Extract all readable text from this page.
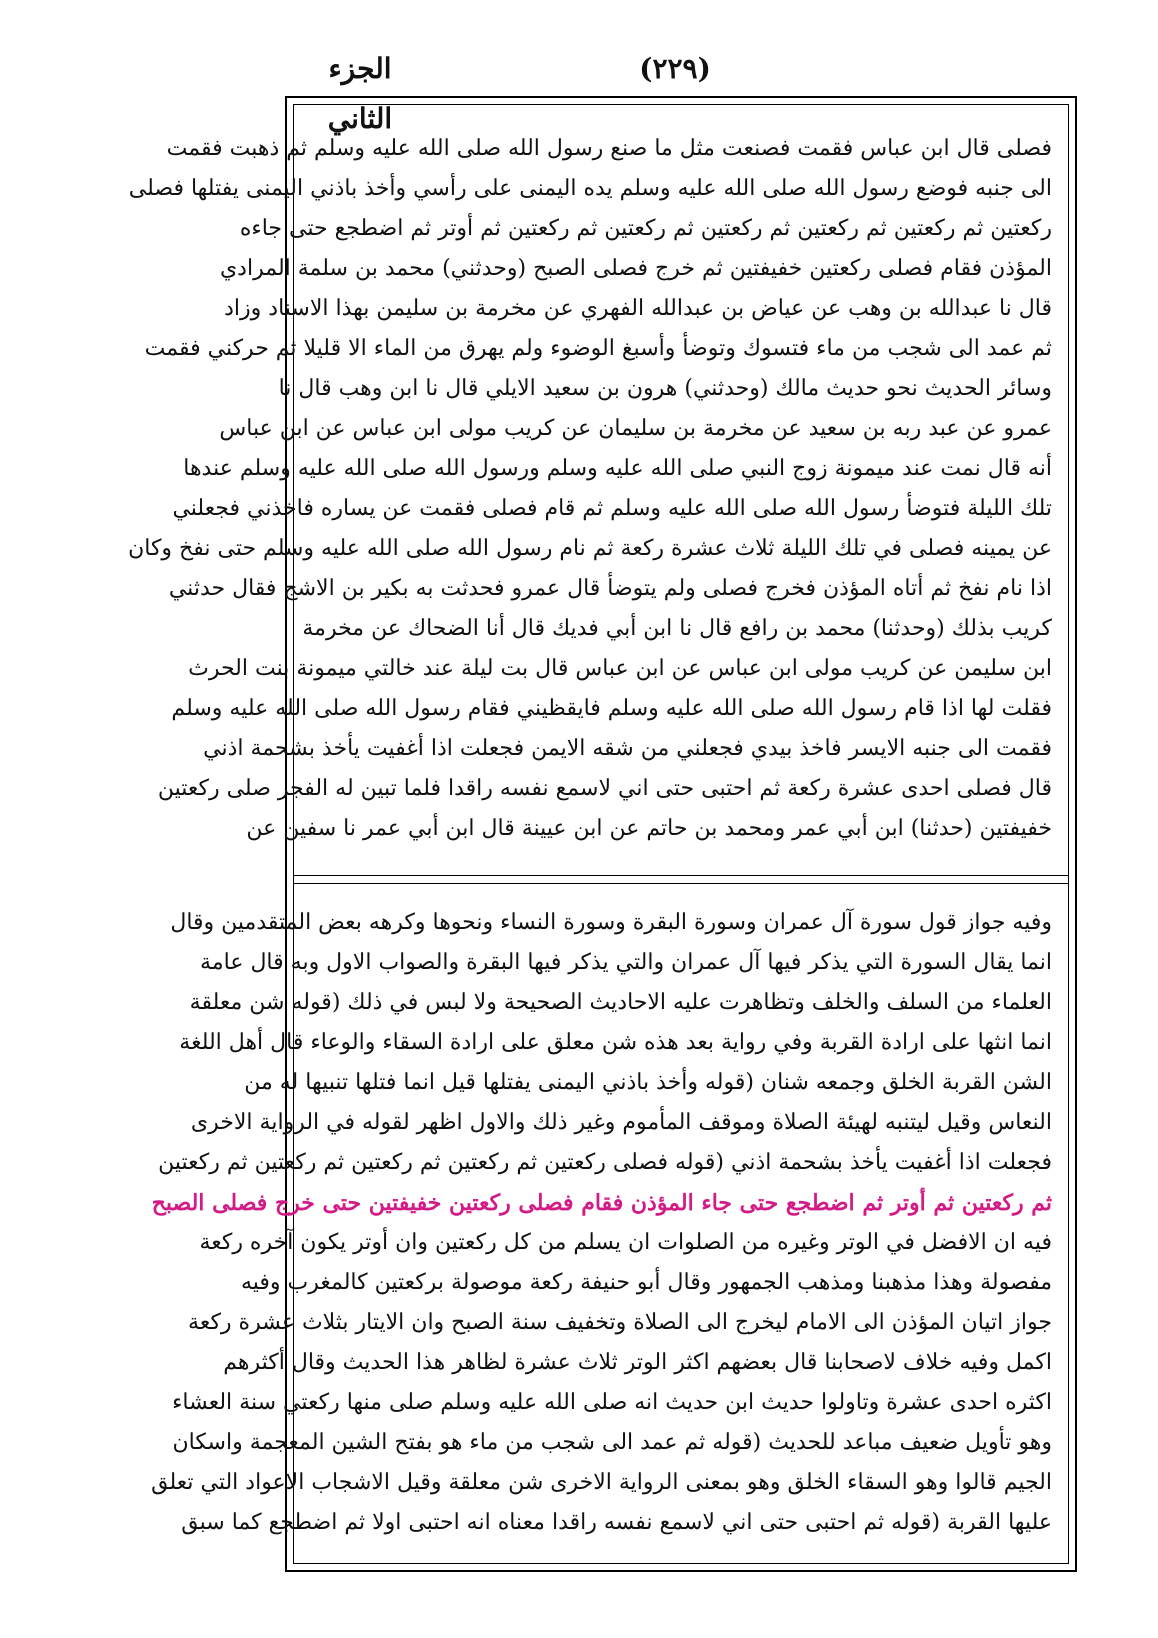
الجزء الثاني
(٢٢٩)
فصلى قال ابن عباس فقمت فصنعت مثل ما صنع رسول الله صلى الله عليه وسلم ثم ذهبت فقمت
الى جنبه فوضع رسول الله صلى الله عليه وسلم يده اليمنى على رأسي وأخذ باذني اليمنى يفتلها فصلى
ركعتين ثم ركعتين ثم ركعتين ثم ركعتين ثم ركعتين ثم ركعتين ثم أوتر ثم اضطجع حتى جاءه
المؤذن فقام فصلى ركعتين خفيفتين ثم خرج فصلى الصبح (وحدثني) محمد بن سلمة المرادي
قال نا عبدالله بن وهب عن عياض بن عبدالله الفهري عن مخرمة بن سليمن بهذا الاسناد وزاد
ثم عمد الى شجب من ماء فتسوك وتوضأ وأسبغ الوضوء ولم يهرق من الماء الا قليلا ثم حركني فقمت
وسائر الحديث نحو حديث مالك (وحدثني) هرون بن سعيد الايلي قال نا ابن وهب قال نا
عمرو عن عبد ربه بن سعيد عن مخرمة بن سليمان عن كريب مولى ابن عباس عن ابن عباس
أنه قال نمت عند ميمونة زوج النبي صلى الله عليه وسلم ورسول الله صلى الله عليه وسلم عندها
تلك الليلة فتوضأ رسول الله صلى الله عليه وسلم ثم قام فصلى فقمت عن يساره فاخذني فجعلني
عن يمينه فصلى في تلك الليلة ثلاث عشرة ركعة ثم نام رسول الله صلى الله عليه وسلم حتى نفخ وكان
اذا نام نفخ ثم أتاه المؤذن فخرج فصلى ولم يتوضأ قال عمرو فحدثت به بكير بن الاشج فقال حدثني
كريب بذلك (وحدثنا) محمد بن رافع قال نا ابن أبي فديك قال أنا الضحاك عن مخرمة
ابن سليمن عن كريب مولى ابن عباس عن ابن عباس قال بت ليلة عند خالتي ميمونة بنت الحرث
فقلت لها اذا قام رسول الله صلى الله عليه وسلم فايقظيني فقام رسول الله صلى الله عليه وسلم
فقمت الى جنبه الايسر فاخذ بيدي فجعلني من شقه الايمن فجعلت اذا أغفيت يأخذ بشحمة اذني
قال فصلى احدى عشرة ركعة ثم احتبى حتى اني لاسمع نفسه راقدا فلما تبين له الفجر صلى ركعتين
خفيفتين (حدثنا) ابن أبي عمر ومحمد بن حاتم عن ابن عيينة قال ابن أبي عمر نا سفين عن
وفيه جواز قول سورة آل عمران وسورة البقرة وسورة النساء ونحوها وكرهه بعض المتقدمين وقال
انما يقال السورة التي يذكر فيها آل عمران والتي يذكر فيها البقرة والصواب الاول وبه قال عامة
العلماء من السلف والخلف وتظاهرت عليه الاحاديث الصحيحة ولا لبس في ذلك (قوله شن معلقة
انما انثها على ارادة القربة وفي رواية بعد هذه شن معلق على ارادة السقاء والوعاء قال أهل اللغة
الشن القربة الخلق وجمعه شنان (قوله وأخذ باذني اليمنى يفتلها قيل انما فتلها تنبيها له من
النعاس وقيل ليتنبه لهيئة الصلاة وموقف المأموم وغير ذلك والاول اظهر لقوله في الرواية الاخرى
فجعلت اذا أغفيت يأخذ بشحمة اذني (قوله فصلى ركعتين ثم ركعتين ثم ركعتين ثم ركعتين ثم ركعتين
ثم ركعتين ثم أوتر ثم اضطجع حتى جاء المؤذن فقام فصلى ركعتين خفيفتين حتى خرج فصلى الصبح
فيه ان الافضل في الوتر وغيره من الصلوات ان يسلم من كل ركعتين وان أوتر يكون آخره ركعة
مفصولة وهذا مذهبنا ومذهب الجمهور وقال أبو حنيفة ركعة موصولة بركعتين كالمغرب وفيه
جواز اتيان المؤذن الى الامام ليخرج الى الصلاة وتخفيف سنة الصبح وان الايتار بثلاث عشرة ركعة
اكمل وفيه خلاف لاصحابنا قال بعضهم اكثر الوتر ثلاث عشرة لظاهر هذا الحديث وقال أكثرهم
اكثره احدى عشرة وتاولوا حديث ابن حديث انه صلى الله عليه وسلم صلى منها ركعتي سنة العشاء
وهو تأويل ضعيف مباعد للحديث (قوله ثم عمد الى شجب من ماء هو بفتح الشين المعجمة واسكان
الجيم قالوا وهو السقاء الخلق وهو بمعنى الرواية الاخرى شن معلقة وقيل الاشجاب الاعواد التي تعلق
عليها القربة (قوله ثم احتبى حتى اني لاسمع نفسه راقدا معناه انه احتبى اولا ثم اضطجع كما سبق
